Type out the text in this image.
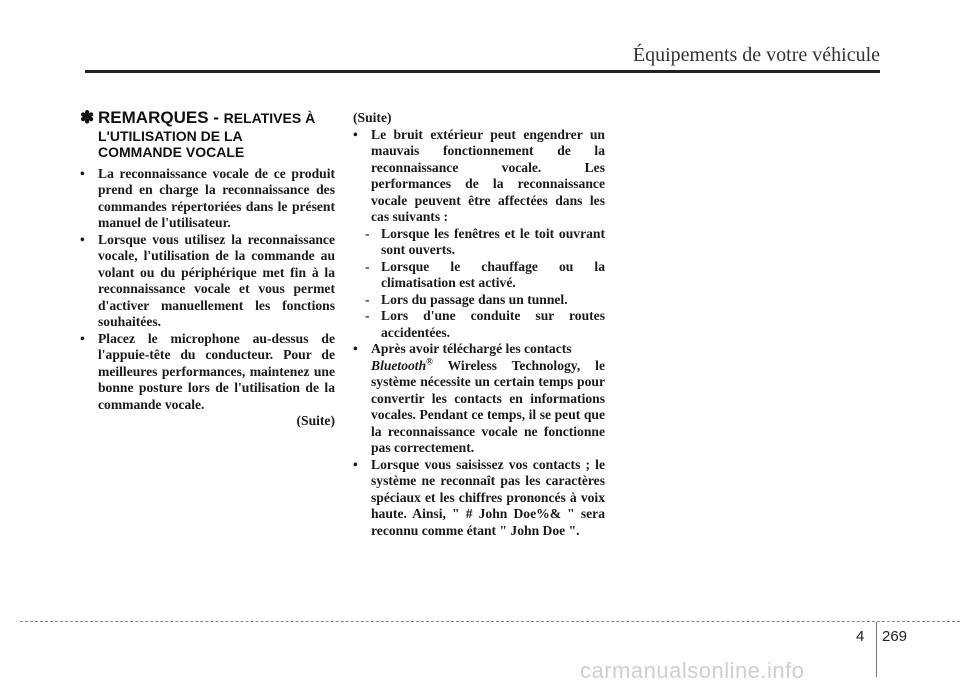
Équipements de votre véhicule
✽ REMARQUES - RELATIVES À
L'UTILISATION DE LA
COMMANDE VOCALE
• La reconnaissance vocale de ce produit prend en charge la reconnaissance des commandes répertoriées dans le présent manuel de l'utilisateur.
• Lorsque vous utilisez la reconnaissance vocale, l'utilisation de la commande au volant ou du périphérique met fin à la reconnaissance vocale et vous permet d'activer manuellement les fonctions souhaitées.
• Placez le microphone au-dessus de l'appuie-tête du conducteur. Pour de meilleures performances, maintenez une bonne posture lors de l'utilisation de la commande vocale.
(Suite)
(Suite)
• Le bruit extérieur peut engendrer un mauvais fonctionnement de la reconnaissance vocale. Les performances de la reconnaissance vocale peuvent être affectées dans les cas suivants :
- Lorsque les fenêtres et le toit ouvrant sont ouverts.
- Lorsque le chauffage ou la climatisation est activé.
- Lors du passage dans un tunnel.
- Lors d'une conduite sur routes accidentées.
• Après avoir téléchargé les contacts
Bluetooth® Wireless Technology, le système nécessite un certain temps pour convertir les contacts en informations vocales. Pendant ce temps, il se peut que la reconnaissance vocale ne fonctionne pas correctement.
• Lorsque vous saisissez vos contacts ; le système ne reconnaît pas les caractères spéciaux et les chiffres prononcés à voix haute. Ainsi, " # John Doe%& " sera reconnu comme étant " John Doe ".
4 269
carmanualsonline.info
